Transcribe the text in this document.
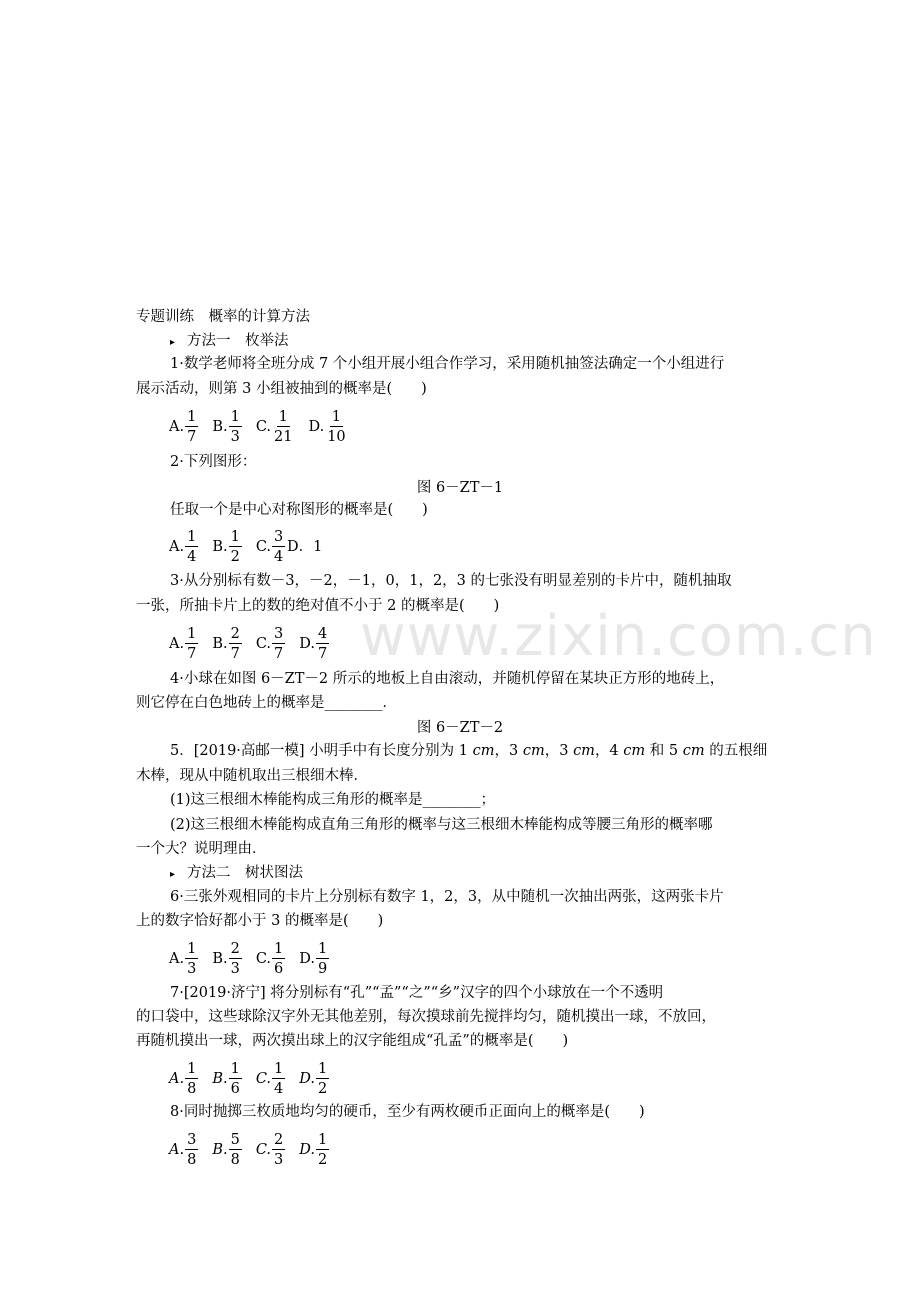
www.zixin.com.cn
专题训练　概率的计算方法
▸ 方法一　枚举法
1·数学老师将全班分成 7 个小组开展小组合作学习，采用随机抽签法确定一个小组进行
展示活动，则第 3 小组被抽到的概率是(　　)
A. $\frac{1}{7} B$. $\frac{1}{3} C$. $\frac{1}{21} D$. $\frac{1}{10}$
2·下列图形：
图 6－ZT－1
任取一个是中心对称图形的概率是(　　)
A. $\frac{1}{4} B$. $\frac{1}{2} C$. $\frac{3}{4}$ D．1
3·从分别标有数－3，－2，－1，0，1，2，3 的七张没有明显差别的卡片中，随机抽取
一张，所抽卡片上的数的绝对值不小于 2 的概率是(　　)
A. $\frac{1}{7} B$. $\frac{2}{7} C$. $\frac{3}{7} D$. $\frac{4}{7}$
4·小球在如图 6－ZT－2 所示的地板上自由滚动，并随机停留在某块正方形的地砖上，
则它停在白色地砖上的概率是________．
图 6－ZT－2
5．[2019·高邮一模] 小明手中有长度分别为 1 cm，3 cm，3 cm，4 cm 和 5 cm 的五根细
木棒，现从中随机取出三根细木棒．
(1)这三根细木棒能构成三角形的概率是________；
(2)这三根细木棒能构成直角三角形的概率与这三根细木棒能构成等腰三角形的概率哪
一个大？说明理由．
▸ 方法二　树状图法
6·三张外观相同的卡片上分别标有数字 1，2，3，从中随机一次抽出两张，这两张卡片
上的数字恰好都小于 3 的概率是(　　)
A. $\frac{1}{3} B$. $\frac{2}{3} C$. $\frac{1}{6} D$. $\frac{1}{9}$
7·[2019·济宁] 将分别标有“孔”“孟”“之”“乡”汉字的四个小球放在一个不透明
的口袋中，这些球除汉字外无其他差别，每次摸球前先搅拌均匀，随机摸出一球，不放回，
再随机摸出一球，两次摸出球上的汉字能组成“孔孟”的概率是(　　)
A. $\frac{1}{8} B$. $\frac{1}{6} C$. $\frac{1}{4} D$. $\frac{1}{2}$
8·同时抛掷三枚质地均匀的硬币，至少有两枚硬币正面向上的概率是(　　)
A. $\frac{3}{8} B$. $\frac{5}{8} C$. $\frac{2}{3} D$. $\frac{1}{2}$
